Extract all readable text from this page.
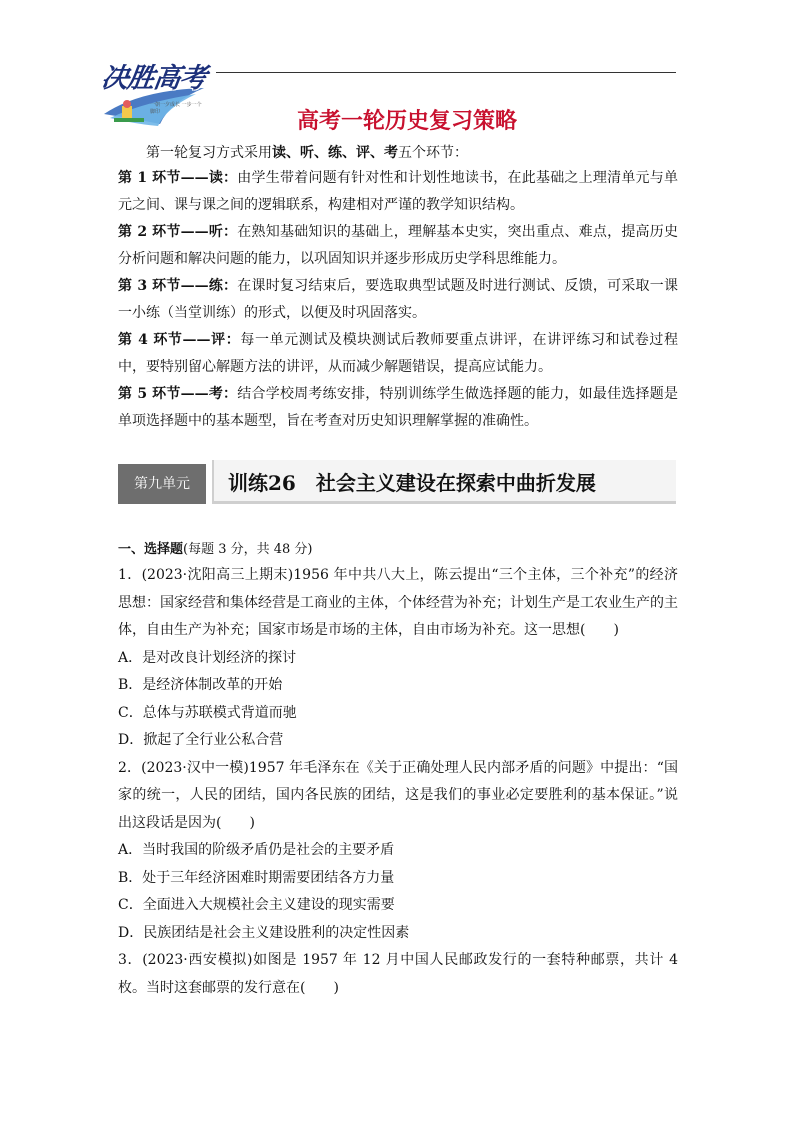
决胜高考
一朝一夕成长 一步一个脚印	高考一轮历史复习策略

第一轮复习方式采用读、听、练、评、考五个环节：

第 1 环节——读：由学生带着问题有针对性和计划性地读书，在此基础之上理清单元与单元之间、课与课之间的逻辑联系，构建相对严谨的教学知识结构。

第 2 环节——听：在熟知基础知识的基础上，理解基本史实，突出重点、难点，提高历史分析问题和解决问题的能力，以巩固知识并逐步形成历史学科思维能力。

第 3 环节——练：在课时复习结束后，要选取典型试题及时进行测试、反馈，可采取一课一小练（当堂训练）的形式，以便及时巩固落实。

第 4 环节——评：每一单元测试及模块测试后教师要重点讲评，在讲评练习和试卷过程中，要特别留心解题方法的讲评，从而减少解题错误，提高应试能力。

第 5 环节——考：结合学校周考练安排，特别训练学生做选择题的能力，如最佳选择题是单项选择题中的基本题型，旨在考查对历史知识理解掌握的准确性。

第九单元	训练26　社会主义建设在探索中曲折发展

一、选择题(每题 3 分，共 48 分)

1．(2023·沈阳高三上期末)1956 年中共八大上，陈云提出“三个主体，三个补充”的经济思想：国家经营和集体经营是工商业的主体，个体经营为补充；计划生产是工农业生产的主体，自由生产为补充；国家市场是市场的主体，自由市场为补充。这一思想(　　)

A．是对改良计划经济的探讨

B．是经济体制改革的开始

C．总体与苏联模式背道而驰

D．掀起了全行业公私合营

2．(2023·汉中一模)1957 年毛泽东在《关于正确处理人民内部矛盾的问题》中提出：“国家的统一，人民的团结，国内各民族的团结，这是我们的事业必定要胜利的基本保证。”说出这段话是因为(　　)

A．当时我国的阶级矛盾仍是社会的主要矛盾

B．处于三年经济困难时期需要团结各方力量

C．全面进入大规模社会主义建设的现实需要

D．民族团结是社会主义建设胜利的决定性因素

3．(2023·西安模拟)如图是 1957 年 12 月中国人民邮政发行的一套特种邮票，共计 4 枚。当时这套邮票的发行意在(　　)
